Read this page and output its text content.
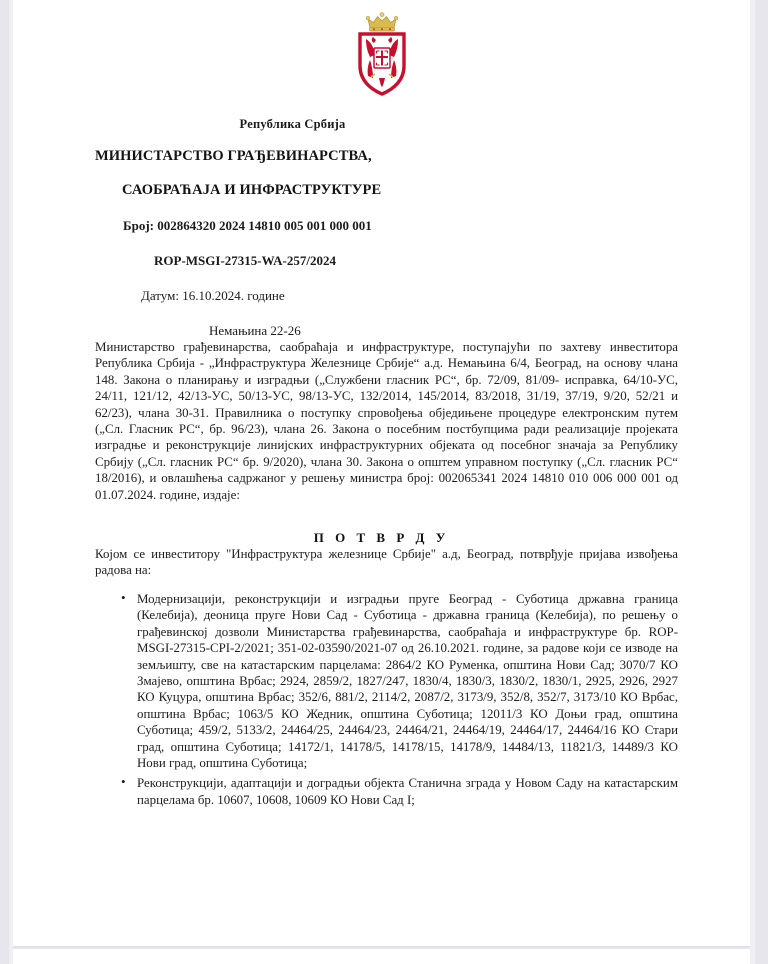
Република Србија
МИНИСТАРСТВО ГРАЂЕВИНАРСТВА,
САОБРАЋАЈА И ИНФРАСТРУКТУРЕ
Број: 002864320 2024 14810 005 001 000 001
ROP-MSGI-27315-WA-257/2024
Датум: 16.10.2024. године
Немањина 22-26

Министарство грађевинарства, саобраћаја и инфраструктуре, поступајући по захтеву инвеститора Република Србија - „Инфраструктура Железнице Србије“ а.д. Немањина 6/4, Београд, на основу члана 148. Закона о планирању и изградњи („Службени гласник РС“, бр. 72/09, 81/09- исправка, 64/10-УС, 24/11, 121/12, 42/13-УС, 50/13-УС, 98/13-УС, 132/2014, 145/2014, 83/2018, 31/19, 37/19, 9/20, 52/21 и 62/23), члана 30-31. Правилника о поступку спровођења обједињене процедуре електронским путем („Сл. Гласник РС“, бр. 96/23), члана 26. Закона о посебним постбупцима ради реализације пројеката изградње и реконструкције линијских инфраструктурних објеката од посебног значаја за Републику Србију („Сл. гласник РС“ бр. 9/2020), члана 30. Закона о општем управном поступку („Сл. гласник РС“ 18/2016), и овлашћења садржаног у решењу министра број: 002065341 2024 14810 010 006 000 001 од 01.07.2024. године, издаје:

П О Т В Р Д У

Којом се инвеститору "Инфраструктура железнице Србије" а.д, Београд, потврђује пријава извођења радова на:

• Модернизацији, реконструкцији и изградњи пруге Београд - Суботица државна граница (Келебија), деоница пруге Нови Сад - Суботица - државна граница (Келебија), по решењу о грађевинској дозволи Министарства грађевинарства, саобраћаја и инфраструктуре бр. ROP-MSGI-27315-CPI-2/2021; 351-02-03590/2021-07 од 26.10.2021. године, за радове који се изводе на земљишту, све на катастарским парцелама: 2864/2 КО Руменка, општина Нови Сад; 3070/7 КО Змајево, општина Врбас; 2924, 2859/2, 1827/247, 1830/4, 1830/3, 1830/2, 1830/1, 2925, 2926, 2927 КО Куцура, општина Врбас; 352/6, 881/2, 2114/2, 2087/2, 3173/9, 352/8, 352/7, 3173/10 КО Врбас, општина Врбас; 1063/5 КО Жедник, општина Суботица; 12011/3 КО Доњи град, општина Суботица; 459/2, 5133/2, 24464/25, 24464/23, 24464/21, 24464/19, 24464/17, 24464/16 КО Стари град, општина Суботица; 14172/1, 14178/5, 14178/15, 14178/9, 14484/13, 11821/3, 14489/3 КО Нови град, општина Суботица;
• Реконструкцији, адаптацији и доградњи објекта Станична зграда у Новом Саду на катастарским парцелама бр. 10607, 10608, 10609 КО Нови Сад I;
